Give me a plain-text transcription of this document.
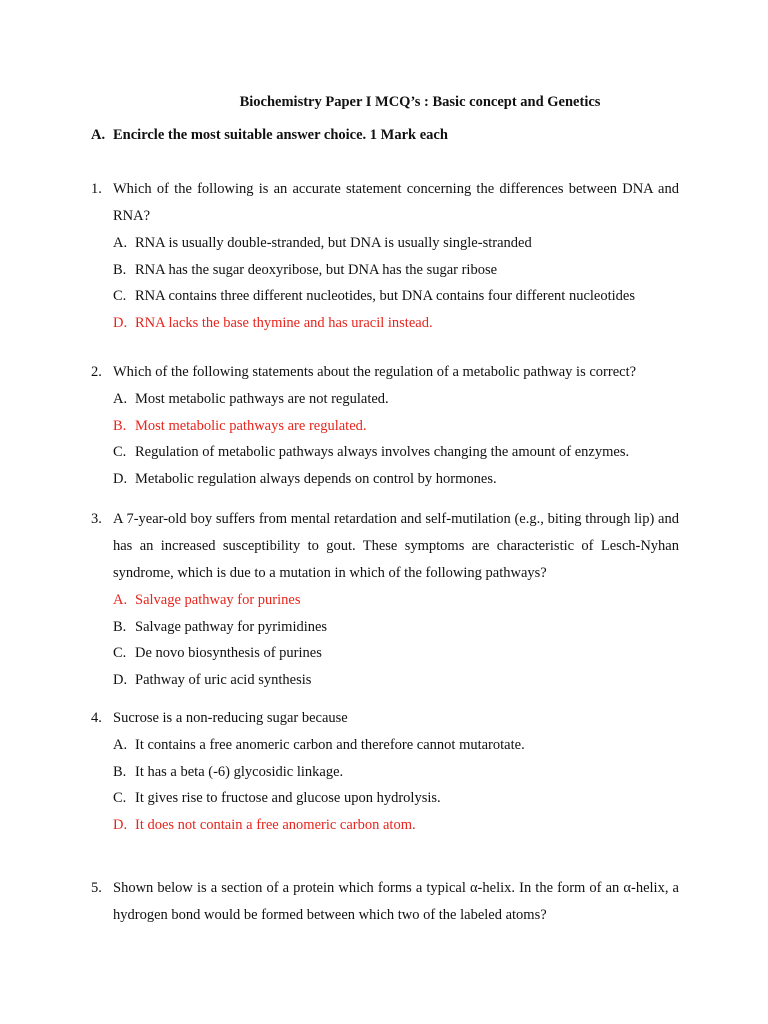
Biochemistry Paper I MCQ’s : Basic concept and Genetics
A. Encircle the most suitable answer choice. 1 Mark each
1. Which of the following is an accurate statement concerning the differences between DNA and RNA?
A. RNA is usually double-stranded, but DNA is usually single-stranded
B. RNA has the sugar deoxyribose, but DNA has the sugar ribose
C. RNA contains three different nucleotides, but DNA contains four different nucleotides
D. RNA lacks the base thymine and has uracil instead.
2. Which of the following statements about the regulation of a metabolic pathway is correct?
A. Most metabolic pathways are not regulated.
B. Most metabolic pathways are regulated.
C. Regulation of metabolic pathways always involves changing the amount of enzymes.
D. Metabolic regulation always depends on control by hormones.
3. A 7-year-old boy suffers from mental retardation and self-mutilation (e.g., biting through lip) and has an increased susceptibility to gout. These symptoms are characteristic of Lesch-Nyhan syndrome, which is due to a mutation in which of the following pathways?
A. Salvage pathway for purines
B. Salvage pathway for pyrimidines
C. De novo biosynthesis of purines
D. Pathway of uric acid synthesis
4. Sucrose is a non-reducing sugar because
A. It contains a free anomeric carbon and therefore cannot mutarotate.
B. It has a beta (-6) glycosidic linkage.
C. It gives rise to fructose and glucose upon hydrolysis.
D. It does not contain a free anomeric carbon atom.
5. Shown below is a section of a protein which forms a typical α-helix. In the form of an α-helix, a hydrogen bond would be formed between which two of the labeled atoms?
